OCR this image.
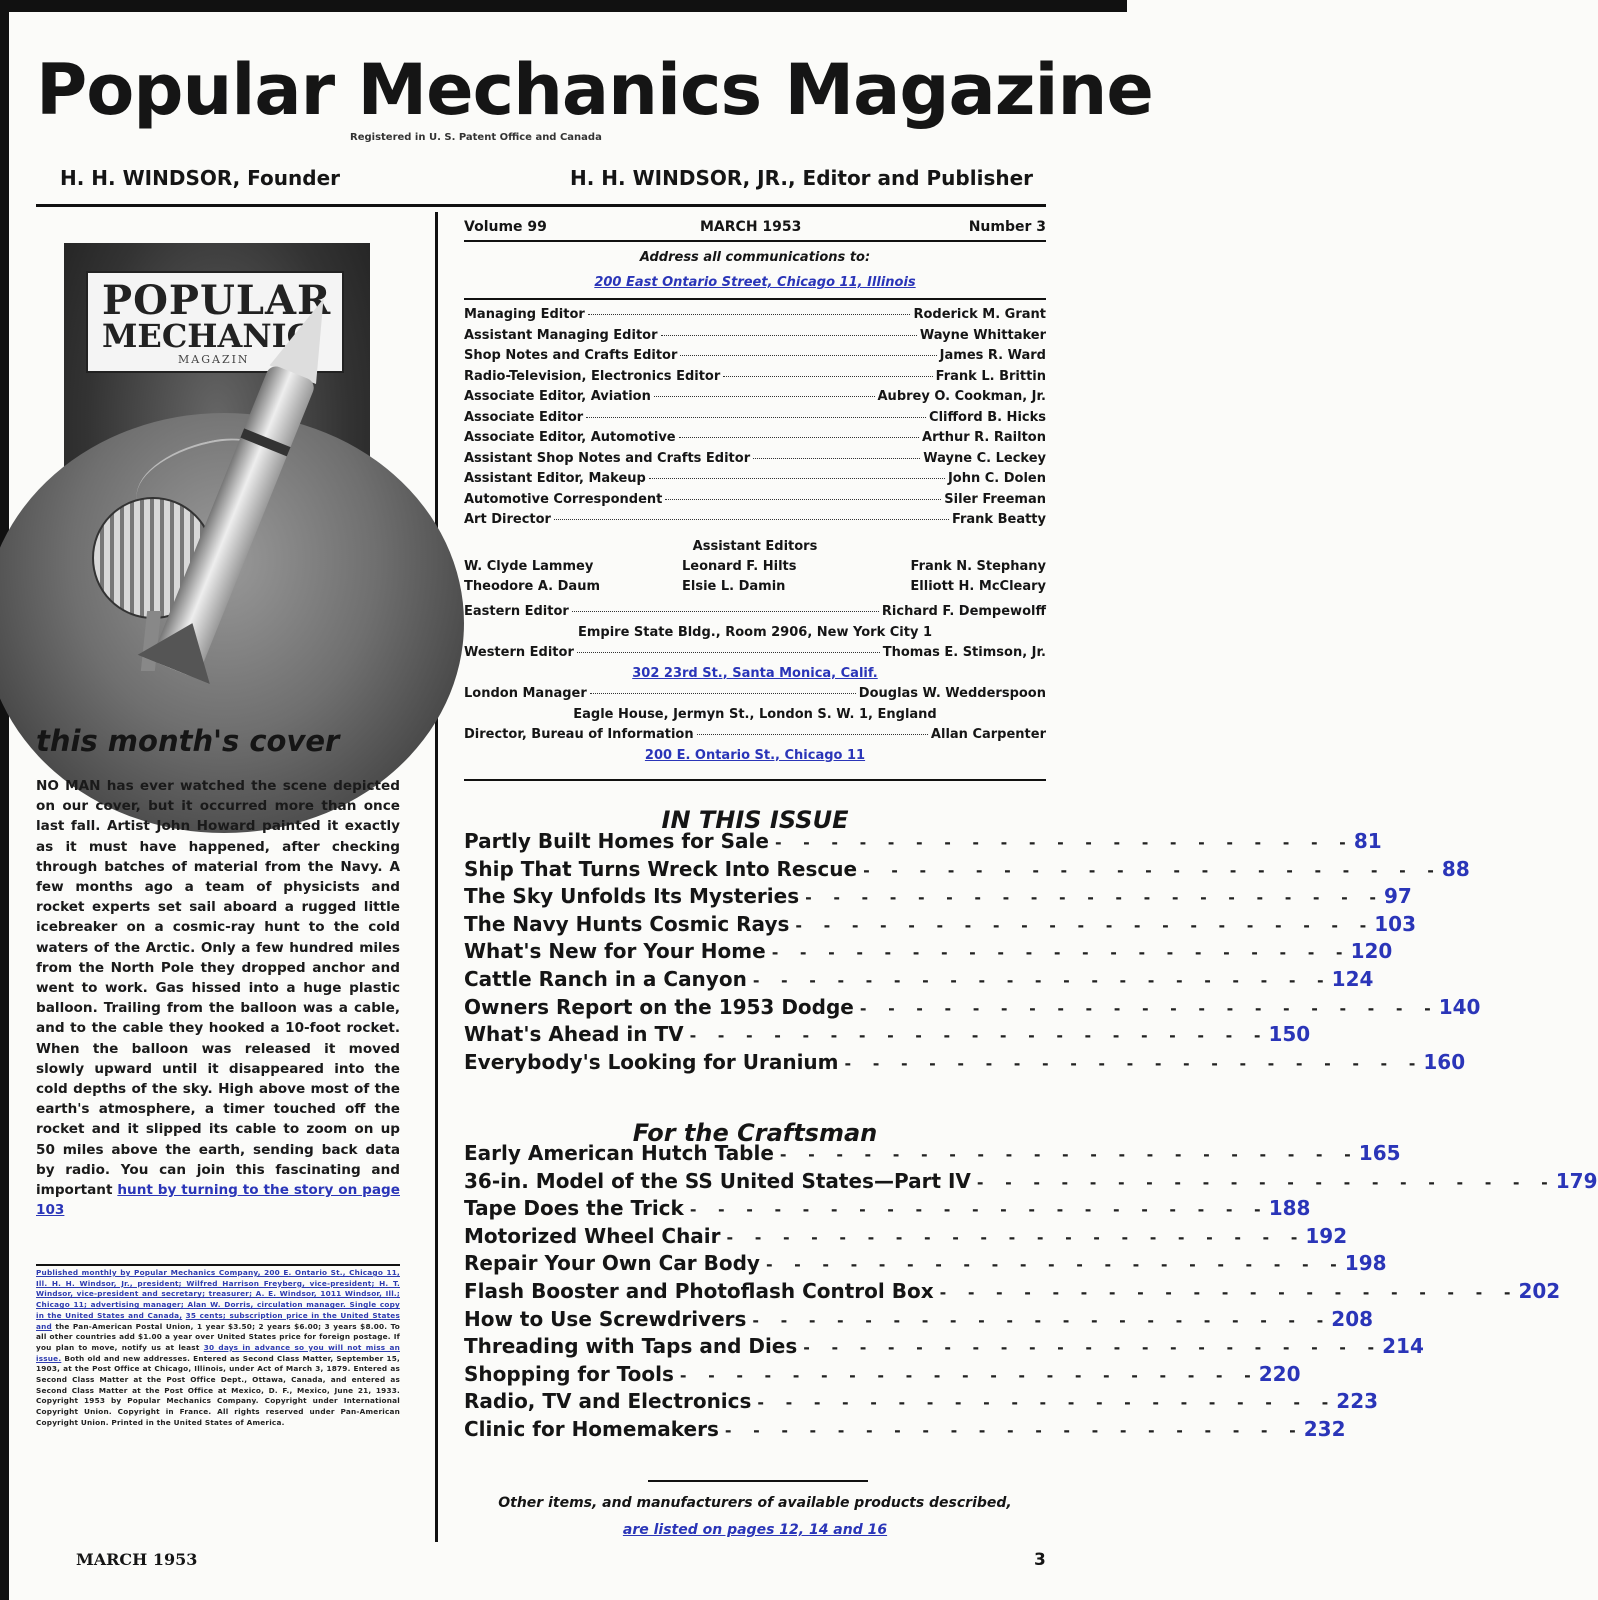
Popular Mechanics Magazine
Registered in U. S. Patent Office and Canada
H. H. WINDSOR, Founder	H. H. WINDSOR, JR., Editor and Publisher
POPULAR
MECHANIC
MAGAZIN
this month's cover
NO MAN has ever watched the scene depicted on our cover, but it occurred more than once last fall. Artist John Howard painted it exactly as it must have happened, after checking through batches of material from the Navy. A few months ago a team of physicists and rocket experts set sail aboard a rugged little icebreaker on a cosmic-ray hunt to the cold waters of the Arctic. Only a few hundred miles from the North Pole they dropped anchor and went to work. Gas hissed into a huge plastic balloon. Trailing from the balloon was a cable, and to the cable they hooked a 10-foot rocket. When the balloon was released it moved slowly upward until it disappeared into the cold depths of the sky. High above most of the earth's atmosphere, a timer touched off the rocket and it slipped its cable to zoom on up 50 miles above the earth, sending back data by radio. You can join this fascinating and important hunt by turning to the story on page 103
Published monthly by Popular Mechanics Company, 200 E. Ontario St., Chicago 11, Ill. H. H. Windsor, Jr., president; Wilfred Harrison Freyberg, vice-president; H. T. Windsor, vice-president and secretary; treasurer; A. E. Windsor, 1011 Windsor, Ill.; Chicago 11; advertising manager; Alan W. Dorris, circulation manager. Single copy in the United States and Canada, 35 cents; subscription price in the United States and the Pan-American Postal Union, 1 year $3.50; 2 years $6.00; 3 years $8.00. To all other countries add $1.00 a year over United States price for foreign postage. If you plan to move, notify us at least 30 days in advance so you will not miss an issue. Both old and new addresses. Entered as Second Class Matter, September 15, 1903, at the Post Office at Chicago, Illinois, under Act of March 3, 1879. Entered as Second Class Matter at the Post Office Dept., Ottawa, Canada, and entered as Second Class Matter at the Post Office at Mexico, D. F., Mexico, June 21, 1933. Copyright 1953 by Popular Mechanics Company. Copyright under International Copyright Union. Copyright in France. All rights reserved under Pan-American Copyright Union. Printed in the United States of America.
MARCH 1953	3
Volume 99	MARCH 1953	Number 3
Address all communications to:
200 East Ontario Street, Chicago 11, Illinois
Managing Editor	Roderick M. Grant
Assistant Managing Editor	Wayne Whittaker
Shop Notes and Crafts Editor	James R. Ward
Radio-Television, Electronics Editor	Frank L. Brittin
Associate Editor, Aviation	Aubrey O. Cookman, Jr.
Associate Editor	Clifford B. Hicks
Associate Editor, Automotive	Arthur R. Railton
Assistant Shop Notes and Crafts Editor	Wayne C. Leckey
Assistant Editor, Makeup	John C. Dolen
Automotive Correspondent	Siler Freeman
Art Director	Frank Beatty
Assistant Editors
W. Clyde Lammey	Leonard F. Hilts	Frank N. Stephany
Theodore A. Daum	Elsie L. Damin	Elliott H. McCleary
Eastern Editor	Richard F. Dempewolff
Empire State Bldg., Room 2906, New York City 1
Western Editor	Thomas E. Stimson, Jr.
302 23rd St., Santa Monica, Calif.
London Manager	Douglas W. Wedderspoon
Eagle House, Jermyn St., London S. W. 1, England
Director, Bureau of Information	Allan Carpenter
200 E. Ontario St., Chicago 11
IN THIS ISSUE
Partly Built Homes for Sale - - - - - - - - - - - - - - - - - - - - - 81
Ship That Turns Wreck Into Rescue - - - - - - - - - - - - - - - - - - - - - 88
The Sky Unfolds Its Mysteries - - - - - - - - - - - - - - - - - - - - - 97
The Navy Hunts Cosmic Rays - - - - - - - - - - - - - - - - - - - - - 103
What's New for Your Home - - - - - - - - - - - - - - - - - - - - - 120
Cattle Ranch in a Canyon - - - - - - - - - - - - - - - - - - - - - 124
Owners Report on the 1953 Dodge - - - - - - - - - - - - - - - - - - - - - 140
What's Ahead in TV - - - - - - - - - - - - - - - - - - - - - 150
Everybody's Looking for Uranium - - - - - - - - - - - - - - - - - - - - - 160
For the Craftsman
Early American Hutch Table - - - - - - - - - - - - - - - - - - - - - 165
36-in. Model of the SS United States—Part IV - - - - - - - - - - - - - - - - - - - - - 179
Tape Does the Trick - - - - - - - - - - - - - - - - - - - - - 188
Motorized Wheel Chair - - - - - - - - - - - - - - - - - - - - - 192
Repair Your Own Car Body - - - - - - - - - - - - - - - - - - - - - 198
Flash Booster and Photoflash Control Box - - - - - - - - - - - - - - - - - - - - - 202
How to Use Screwdrivers - - - - - - - - - - - - - - - - - - - - - 208
Threading with Taps and Dies - - - - - - - - - - - - - - - - - - - - - 214
Shopping for Tools - - - - - - - - - - - - - - - - - - - - - 220
Radio, TV and Electronics - - - - - - - - - - - - - - - - - - - - - 223
Clinic for Homemakers - - - - - - - - - - - - - - - - - - - - - 232
Other items, and manufacturers of available products described,
are listed on pages 12, 14 and 16
